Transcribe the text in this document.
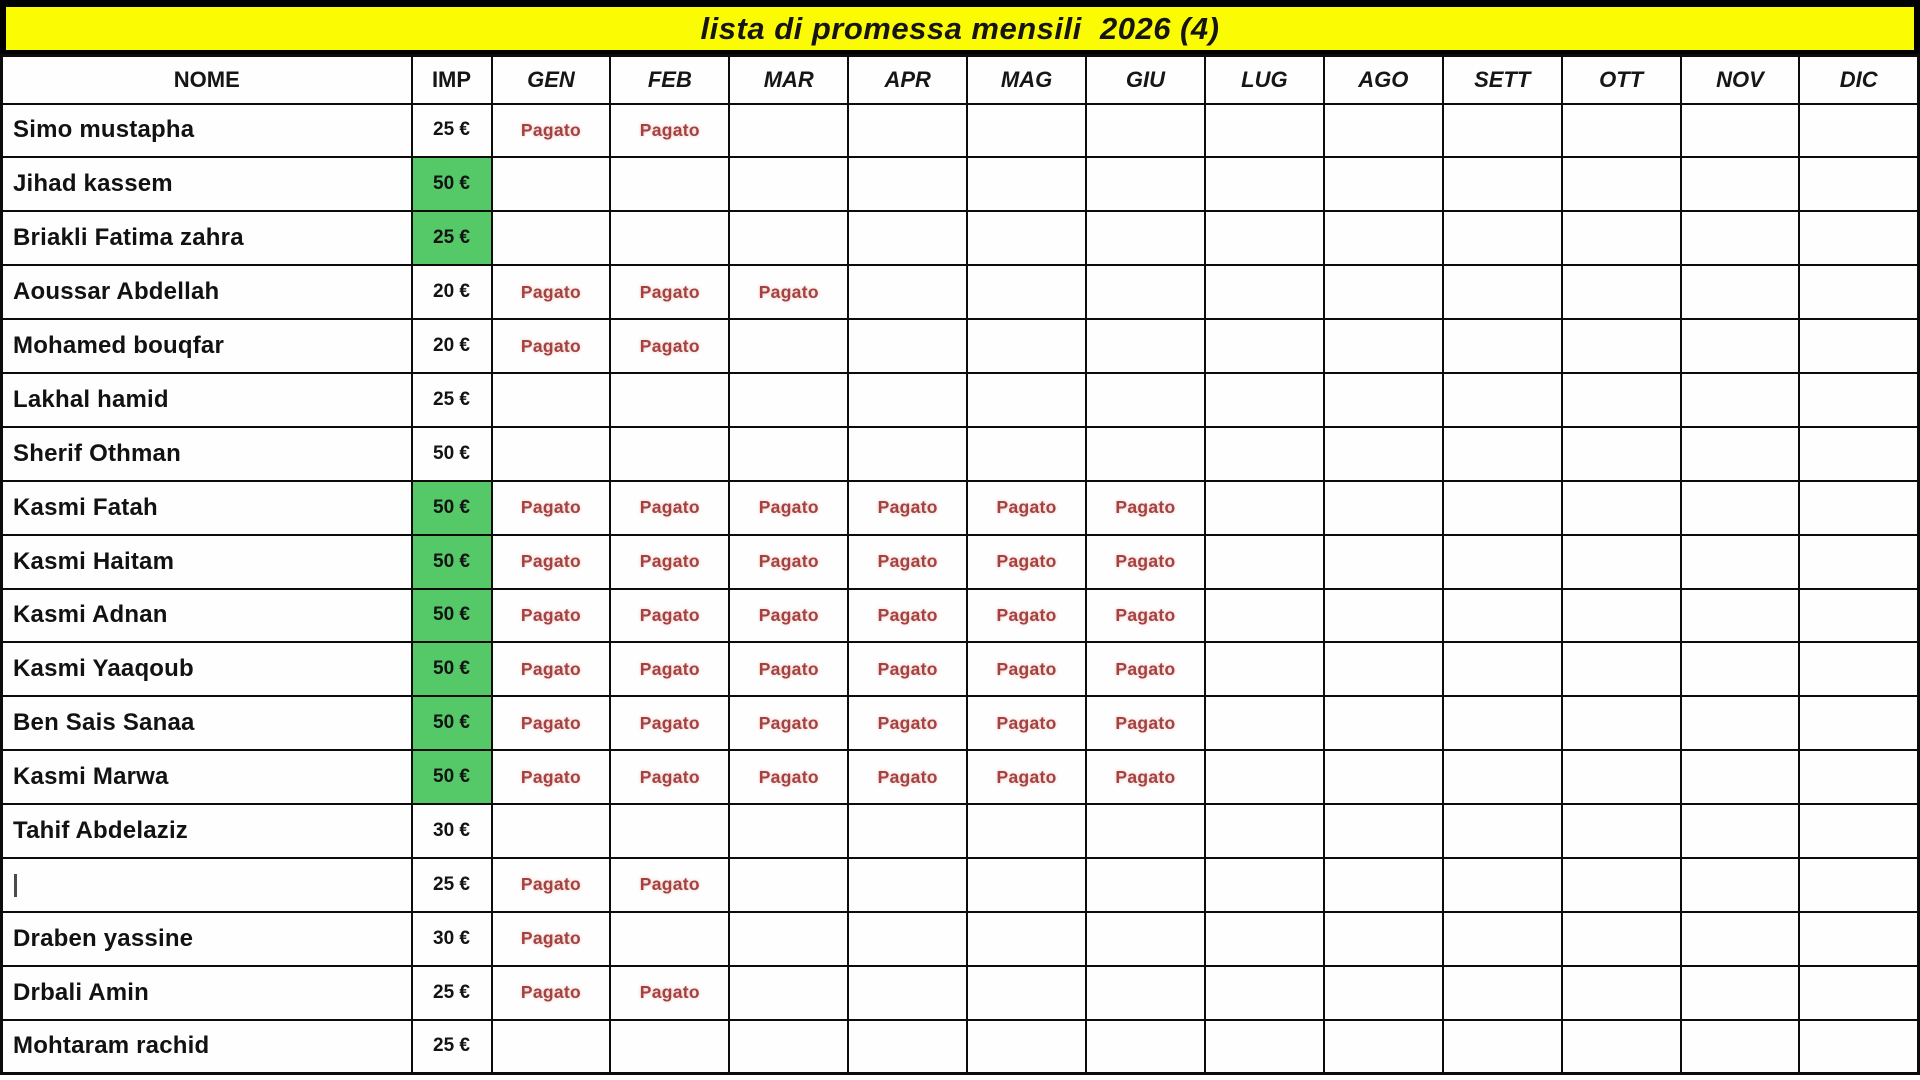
lista di promessa mensili  2026 (4)
NOME	IMP	GEN	FEB	MAR	APR	MAG	GIU	LUG	AGO	SETT	OTT	NOV	DIC
Simo mustapha	25 €	Pagato	Pagato										
Jihad kassem	50 €												
Briakli Fatima zahra	25 €												
Aoussar Abdellah	20 €	Pagato	Pagato	Pagato									
Mohamed bouqfar	20 €	Pagato	Pagato										
Lakhal hamid	25 €												
Sherif Othman	50 €												
Kasmi Fatah	50 €	Pagato	Pagato	Pagato	Pagato	Pagato	Pagato						
Kasmi Haitam	50 €	Pagato	Pagato	Pagato	Pagato	Pagato	Pagato						
Kasmi Adnan	50 €	Pagato	Pagato	Pagato	Pagato	Pagato	Pagato						
Kasmi Yaaqoub	50 €	Pagato	Pagato	Pagato	Pagato	Pagato	Pagato						
Ben Sais Sanaa	50 €	Pagato	Pagato	Pagato	Pagato	Pagato	Pagato						
Kasmi Marwa	50 €	Pagato	Pagato	Pagato	Pagato	Pagato	Pagato						
Tahif Abdelaziz	30 €												
	25 €	Pagato	Pagato										
Draben yassine	30 €	Pagato											
Drbali Amin	25 €	Pagato	Pagato										
Mohtaram rachid	25 €												
